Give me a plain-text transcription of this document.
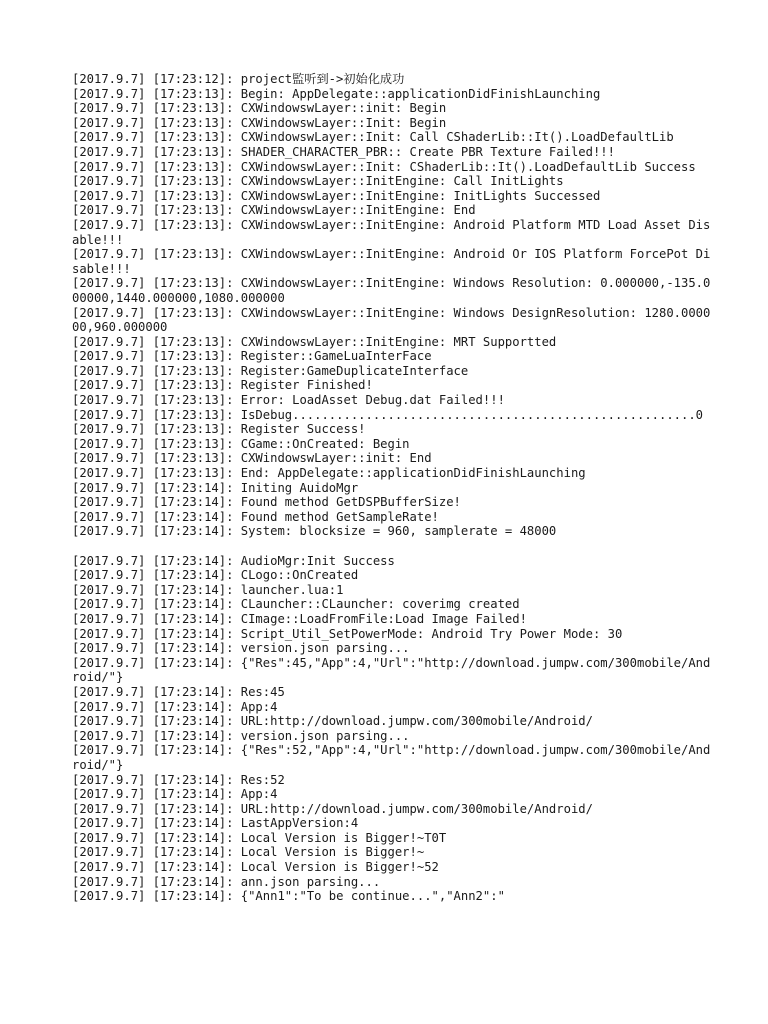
[2017.9.7] [17:23:12]: project監听到->初始化成功
[2017.9.7] [17:23:13]: Begin: AppDelegate::applicationDidFinishLaunching
[2017.9.7] [17:23:13]: CXWindowswLayer::init: Begin
[2017.9.7] [17:23:13]: CXWindowswLayer::Init: Begin
[2017.9.7] [17:23:13]: CXWindowswLayer::Init: Call CShaderLib::It().LoadDefaultLib
[2017.9.7] [17:23:13]: SHADER_CHARACTER_PBR:: Create PBR Texture Failed!!!
[2017.9.7] [17:23:13]: CXWindowswLayer::Init: CShaderLib::It().LoadDefaultLib Success
[2017.9.7] [17:23:13]: CXWindowswLayer::InitEngine: Call InitLights
[2017.9.7] [17:23:13]: CXWindowswLayer::InitEngine: InitLights Successed
[2017.9.7] [17:23:13]: CXWindowswLayer::InitEngine: End
[2017.9.7] [17:23:13]: CXWindowswLayer::InitEngine: Android Platform MTD Load Asset Disable!!!
[2017.9.7] [17:23:13]: CXWindowswLayer::InitEngine: Android Or IOS Platform ForcePot Disable!!!
[2017.9.7] [17:23:13]: CXWindowswLayer::InitEngine: Windows Resolution: 0.000000,-135.000000,1440.000000,1080.000000
[2017.9.7] [17:23:13]: CXWindowswLayer::InitEngine: Windows DesignResolution: 1280.000000,960.000000
[2017.9.7] [17:23:13]: CXWindowswLayer::InitEngine: MRT Supportted
[2017.9.7] [17:23:13]: Register::GameLuaInterFace
[2017.9.7] [17:23:13]: Register:GameDuplicateInterface
[2017.9.7] [17:23:13]: Register Finished!
[2017.9.7] [17:23:13]: Error: LoadAsset Debug.dat Failed!!!
[2017.9.7] [17:23:13]: IsDebug.......................................................0
[2017.9.7] [17:23:13]: Register Success!
[2017.9.7] [17:23:13]: CGame::OnCreated: Begin
[2017.9.7] [17:23:13]: CXWindowswLayer::init: End
[2017.9.7] [17:23:13]: End: AppDelegate::applicationDidFinishLaunching
[2017.9.7] [17:23:14]: Initing AuidoMgr
[2017.9.7] [17:23:14]: Found method GetDSPBufferSize!
[2017.9.7] [17:23:14]: Found method GetSampleRate!
[2017.9.7] [17:23:14]: System: blocksize = 960, samplerate = 48000
[2017.9.7] [17:23:14]: AudioMgr:Init Success
[2017.9.7] [17:23:14]: CLogo::OnCreated
[2017.9.7] [17:23:14]: launcher.lua:1
[2017.9.7] [17:23:14]: CLauncher::CLauncher: coverimg created
[2017.9.7] [17:23:14]: CImage::LoadFromFile:Load Image Failed!
[2017.9.7] [17:23:14]: Script_Util_SetPowerMode: Android Try Power Mode: 30
[2017.9.7] [17:23:14]: version.json parsing...
[2017.9.7] [17:23:14]: {"Res":45,"App":4,"Url":"http://download.jumpw.com/300mobile/Android/"}
[2017.9.7] [17:23:14]: Res:45
[2017.9.7] [17:23:14]: App:4
[2017.9.7] [17:23:14]: URL:http://download.jumpw.com/300mobile/Android/
[2017.9.7] [17:23:14]: version.json parsing...
[2017.9.7] [17:23:14]: {"Res":52,"App":4,"Url":"http://download.jumpw.com/300mobile/Android/"}
[2017.9.7] [17:23:14]: Res:52
[2017.9.7] [17:23:14]: App:4
[2017.9.7] [17:23:14]: URL:http://download.jumpw.com/300mobile/Android/
[2017.9.7] [17:23:14]: LastAppVersion:4
[2017.9.7] [17:23:14]: Local Version is Bigger!~T0T
[2017.9.7] [17:23:14]: Local Version is Bigger!~
[2017.9.7] [17:23:14]: Local Version is Bigger!~52
[2017.9.7] [17:23:14]: ann.json parsing...
[2017.9.7] [17:23:14]: {"Ann1":"To be continue...","Ann2":"
